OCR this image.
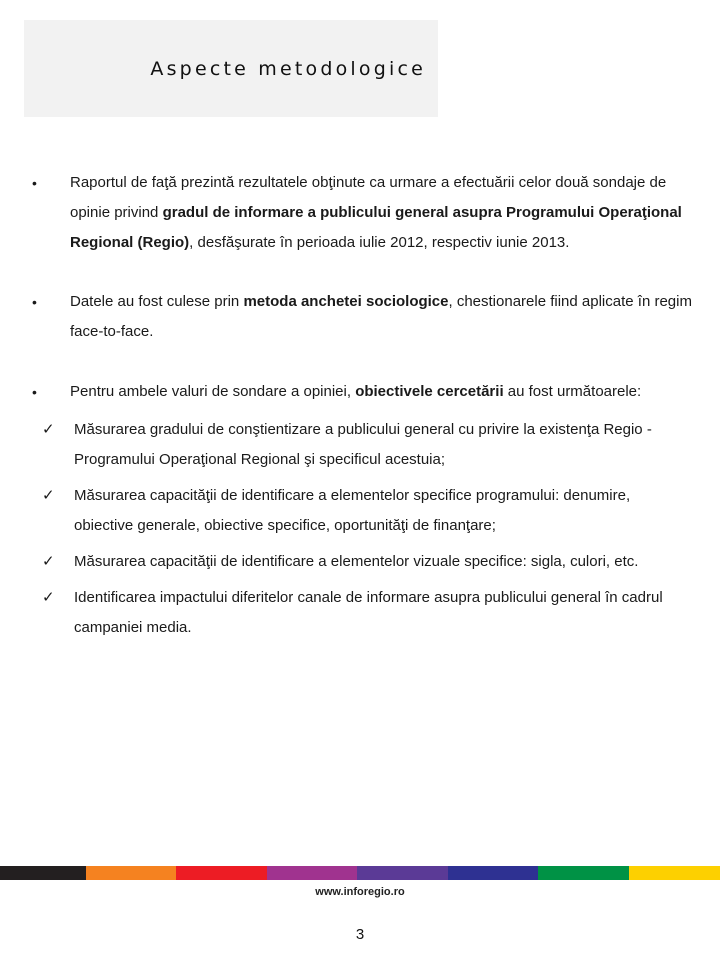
Aspecte metodologice
•	Raportul de faţă prezintă rezultatele obţinute ca urmare a efectuării celor două sondaje de opinie privind gradul de informare a publicului general asupra Programului Operaţional Regional (Regio), desfăşurate în perioada iulie 2012, respectiv iunie 2013.

•	Datele au fost culese prin metoda anchetei sociologice, chestionarele fiind aplicate în regim face-to-face.

•	Pentru ambele valuri de sondare a opiniei, obiectivele cercetării au fost următoarele:

✓ Măsurarea gradului de conştientizare a publicului general cu privire la existenţa Regio - Programului Operaţional Regional şi specificul acestuia;
✓ Măsurarea capacităţii de identificare a elementelor specifice programului: denumire, obiective generale, obiective specifice, oportunităţi de finanţare;
✓ Măsurarea capacităţii de identificare a elementelor vizuale specifice: sigla, culori, etc.
✓ Identificarea impactului diferitelor canale de informare asupra publicului general în cadrul campaniei media.
www.inforegio.ro
3
